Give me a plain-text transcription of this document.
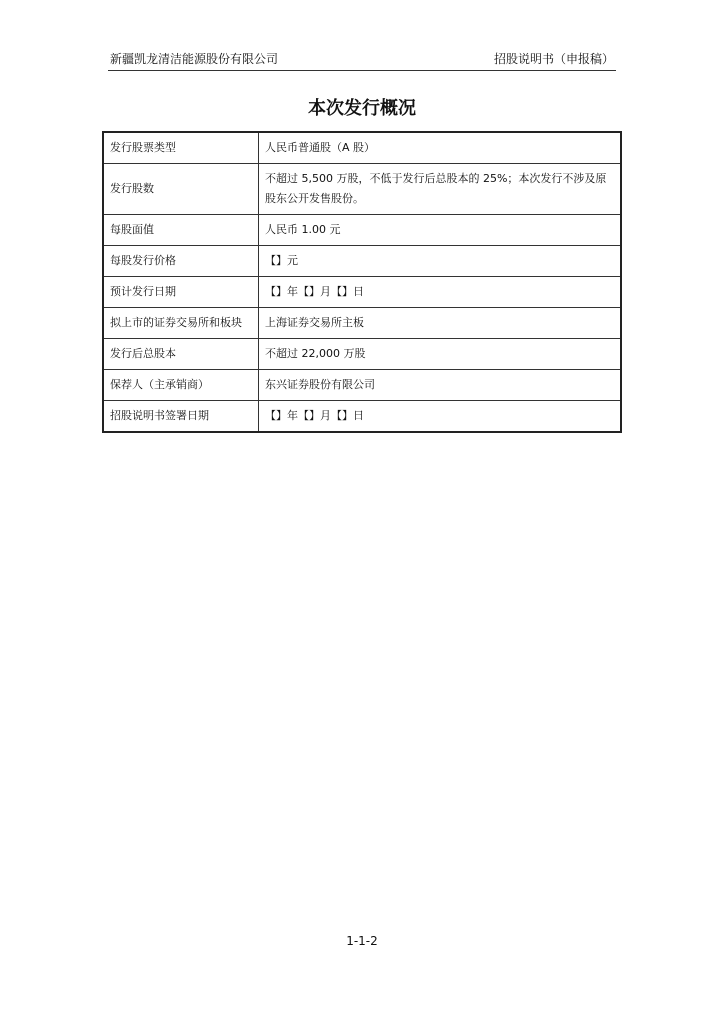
新疆凯龙清洁能源股份有限公司	招股说明书（申报稿）
本次发行概况
发行股票类型	人民币普通股（A 股）
发行股数	不超过 5,500 万股，不低于发行后总股本的 25%；本次发行不涉及原股东公开发售股份。
每股面值	人民币 1.00 元
每股发行价格	【】元
预计发行日期	【】年【】月【】日
拟上市的证券交易所和板块	上海证券交易所主板
发行后总股本	不超过 22,000 万股
保荐人（主承销商）	东兴证券股份有限公司
招股说明书签署日期	【】年【】月【】日
1-1-2
